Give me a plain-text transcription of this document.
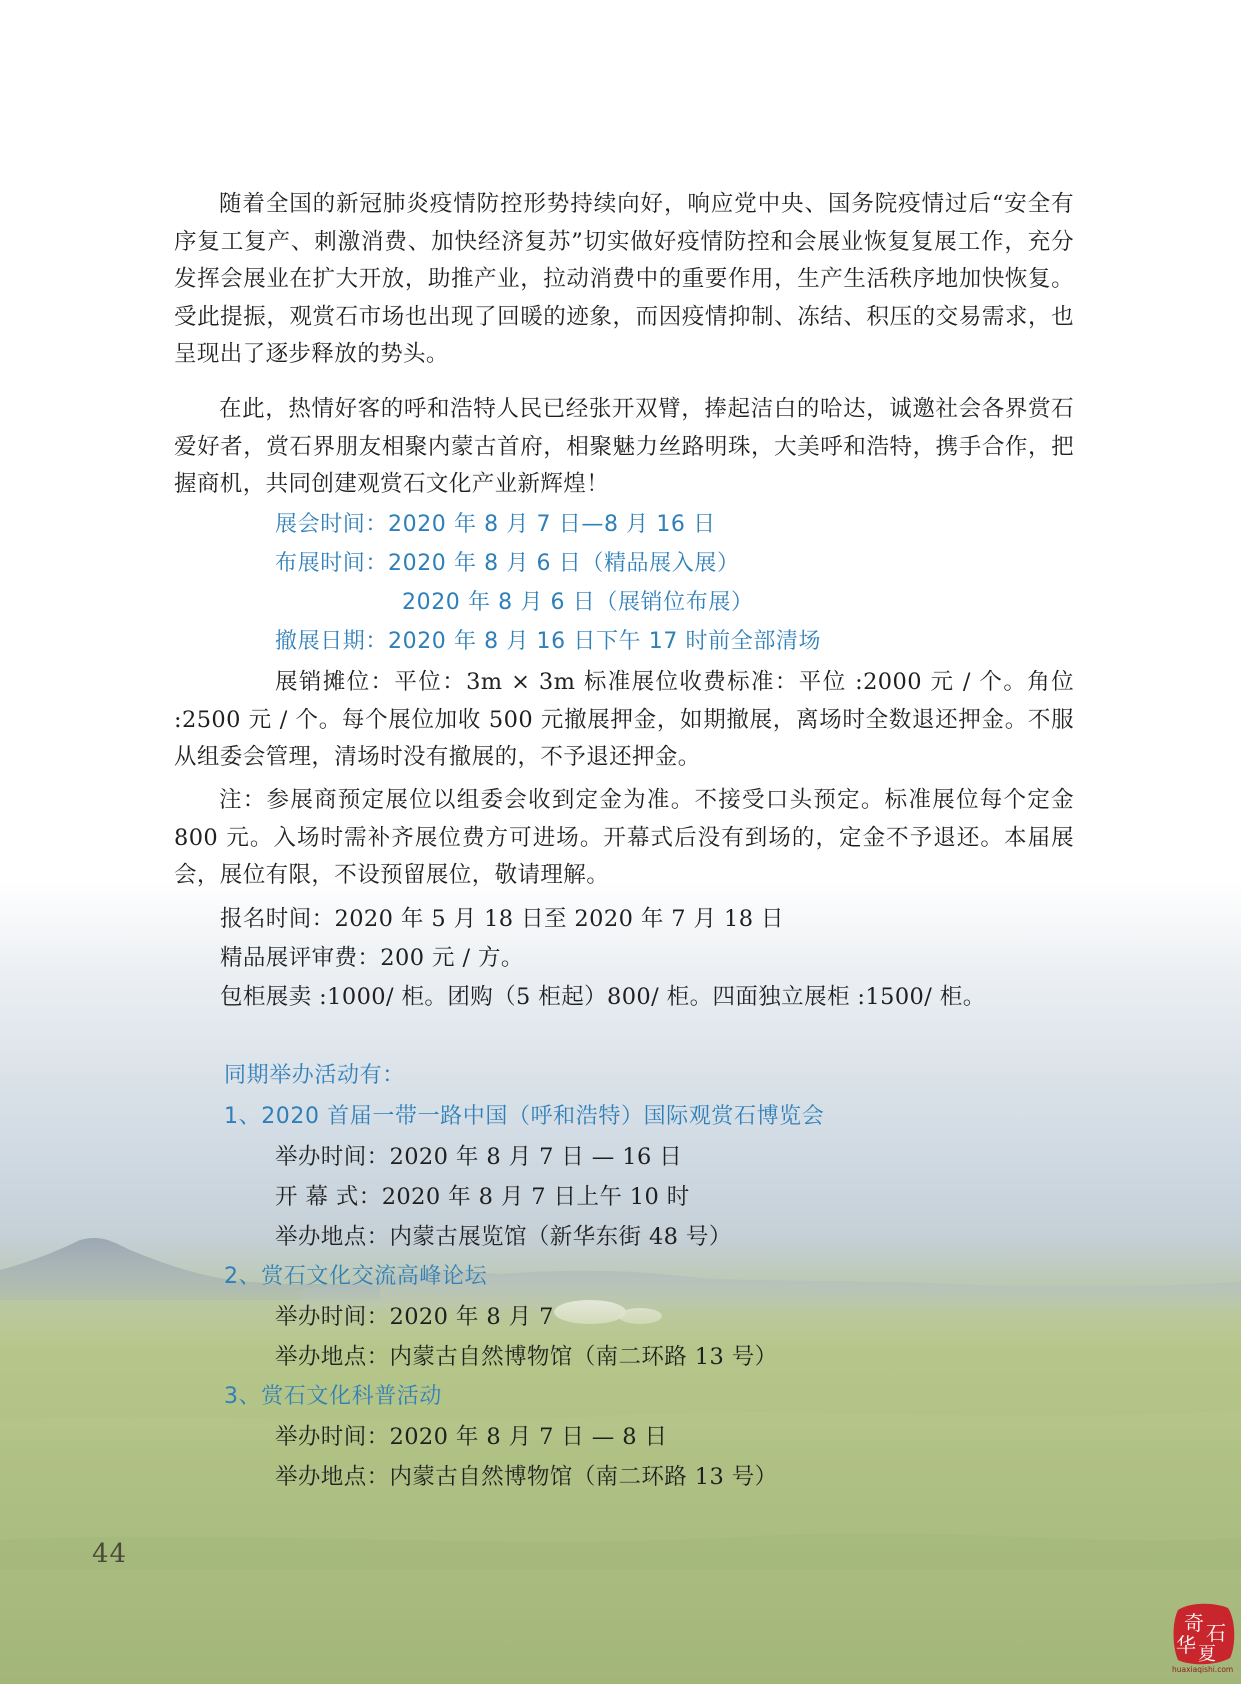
随着全国的新冠肺炎疫情防控形势持续向好，响应党中央、国务院疫情过后“安全有序复工复产、刺激消费、加快经济复苏”切实做好疫情防控和会展业恢复复展工作，充分发挥会展业在扩大开放，助推产业，拉动消费中的重要作用，生产生活秩序地加快恢复。受此提振，观赏石市场也出现了回暖的迹象，而因疫情抑制、冻结、积压的交易需求，也呈现出了逐步释放的势头。
在此，热情好客的呼和浩特人民已经张开双臂，捧起洁白的哈达，诚邀社会各界赏石爱好者，赏石界朋友相聚内蒙古首府，相聚魅力丝路明珠，大美呼和浩特，携手合作，把握商机，共同创建观赏石文化产业新辉煌！
展会时间：2020 年 8 月 7 日—8 月 16 日
布展时间：2020 年 8 月 6 日（精品展入展）
2020 年 8 月 6 日（展销位布展）
撤展日期：2020 年 8 月 16 日下午 17 时前全部清场
展销摊位：平位：3m × 3m 标准展位收费标准：平位 :2000 元 / 个。角位 :2500 元 / 个。每个展位加收 500 元撤展押金，如期撤展，离场时全数退还押金。不服从组委会管理，清场时没有撤展的，不予退还押金。
注：参展商预定展位以组委会收到定金为准。不接受口头预定。标准展位每个定金 800 元。入场时需补齐展位费方可进场。开幕式后没有到场的，定金不予退还。本届展会，展位有限，不设预留展位，敬请理解。
报名时间：2020 年 5 月 18 日至 2020 年 7 月 18 日
精品展评审费：200 元 / 方。
包柜展卖 :1000/ 柜。团购（5 柜起）800/ 柜。四面独立展柜 :1500/ 柜。
同期举办活动有：
1、2020 首届一带一路中国（呼和浩特）国际观赏石博览会
举办时间：2020 年 8 月 7 日 — 16 日
开 幕 式：2020 年 8 月 7 日上午 10 时
举办地点：内蒙古展览馆（新华东街 48 号）
2、赏石文化交流高峰论坛
举办时间：2020 年 8 月 7
举办地点：内蒙古自然博物馆（南二环路 13 号）
3、赏石文化科普活动
举办时间：2020 年 8 月 7 日 — 8 日
举办地点：内蒙古自然博物馆（南二环路 13 号）
44
奇 石
华 夏
huaxiaqishi.com
